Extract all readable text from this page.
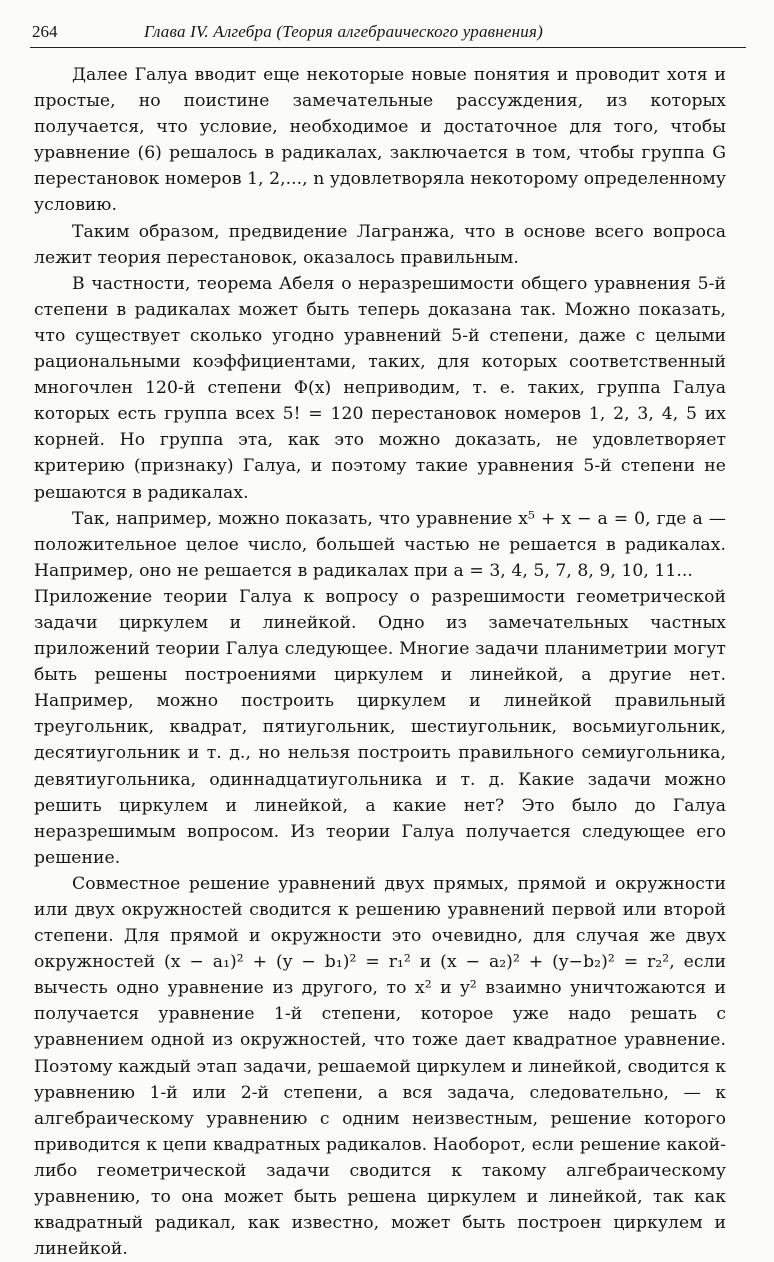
264	Глава IV. Алгебра (Теория алгебраического уравнения)

Далее Галуа вводит еще некоторые новые понятия и проводит хотя и простые, но поистине замечательные рассуждения, из которых получается, что условие, необходимое и достаточное для того, чтобы уравнение (6) решалось в радикалах, заключается в том, чтобы группа G перестановок номеров 1, 2,..., n удовлетворяла некоторому определенному условию.

Таким образом, предвидение Лагранжа, что в основе всего вопроса лежит теория перестановок, оказалось правильным.

В частности, теорема Абеля о неразрешимости общего уравнения 5-й степени в радикалах может быть теперь доказана так. Можно показать, что существует сколько угодно уравнений 5-й степени, даже с целыми рациональными коэффициентами, таких, для которых соответственный многочлен 120-й степени Φ(x) неприводим, т. е. таких, группа Галуа которых есть группа всех 5! = 120 перестановок номеров 1, 2, 3, 4, 5 их корней. Но группа эта, как это можно доказать, не удовлетворяет критерию (признаку) Галуа, и поэтому такие уравнения 5-й степени не решаются в радикалах.

Так, например, можно показать, что уравнение x⁵ + x − a = 0, где a — положительное целое число, большей частью не решается в радикалах. Например, оно не решается в радикалах при a = 3, 4, 5, 7, 8, 9, 10, 11...

Приложение теории Галуа к вопросу о разрешимости геометрической задачи циркулем и линейкой. Одно из замечательных частных приложений теории Галуа следующее. Многие задачи планиметрии могут быть решены построениями циркулем и линейкой, а другие нет. Например, можно построить циркулем и линейкой правильный треугольник, квадрат, пятиугольник, шестиугольник, восьмиугольник, десятиугольник и т. д., но нельзя построить правильного семиугольника, девятиугольника, одиннадцатиугольника и т. д. Какие задачи можно решить циркулем и линейкой, а какие нет? Это было до Галуа неразрешимым вопросом. Из теории Галуа получается следующее его решение.

Совместное решение уравнений двух прямых, прямой и окружности или двух окружностей сводится к решению уравнений первой или второй степени. Для прямой и окружности это очевидно, для случая же двух окружностей (x − a₁)² + (y − b₁)² = r₁² и (x − a₂)² + (y−b₂)² = r₂², если вычесть одно уравнение из другого, то x² и y² взаимно уничтожаются и получается уравнение 1-й степени, которое уже надо решать с уравнением одной из окружностей, что тоже дает квадратное уравнение. Поэтому каждый этап задачи, решаемой циркулем и линейкой, сводится к уравнению 1-й или 2-й степени, а вся задача, следовательно, — к алгебраическому уравнению с одним неизвестным, решение которого приводится к цепи квадратных радикалов. Наоборот, если решение какой-либо геометрической задачи сводится к такому алгебраическому уравнению, то она может быть решена циркулем и линейкой, так как квадратный радикал, как известно, может быть построен циркулем и линейкой.
